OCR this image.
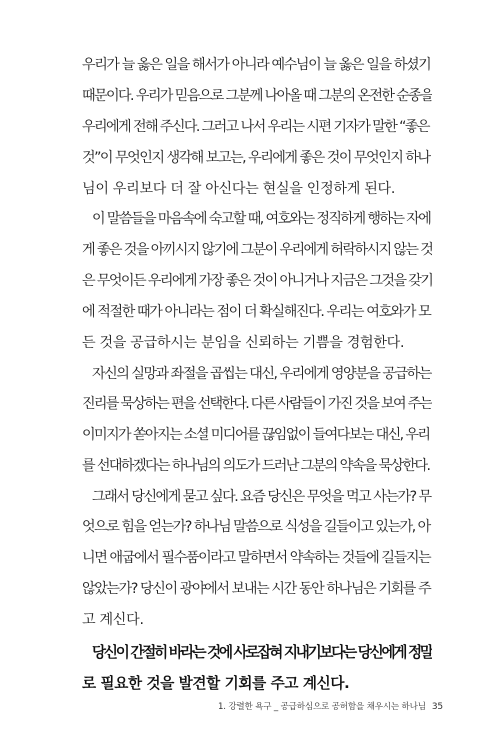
우리가 늘 옳은 일을 해서가 아니라 예수님이 늘 옳은 일을 하셨기
때문이다. 우리가 믿음으로 그분께 나아올 때 그분의 온전한 순종을
우리에게 전해 주신다. 그러고 나서 우리는 시편 기자가 말한 “좋은
것”이 무엇인지 생각해 보고는, 우리에게 좋은 것이 무엇인지 하나
님이 우리보다 더 잘 아신다는 현실을 인정하게 된다.
이 말씀들을 마음속에 숙고할 때, 여호와는 정직하게 행하는 자에
게 좋은 것을 아끼시지 않기에 그분이 우리에게 허락하시지 않는 것
은 무엇이든 우리에게 가장 좋은 것이 아니거나 지금은 그것을 갖기
에 적절한 때가 아니라는 점이 더 확실해진다. 우리는 여호와가 모
든 것을 공급하시는 분임을 신뢰하는 기쁨을 경험한다.
자신의 실망과 좌절을 곱씹는 대신, 우리에게 영양분을 공급하는
진리를 묵상하는 편을 선택한다. 다른 사람들이 가진 것을 보여 주는
이미지가 쏟아지는 소셜 미디어를 끊임없이 들여다보는 대신, 우리
를 선대하겠다는 하나님의 의도가 드러난 그분의 약속을 묵상한다.
그래서 당신에게 묻고 싶다. 요즘 당신은 무엇을 먹고 사는가? 무
엇으로 힘을 얻는가? 하나님 말씀으로 식성을 길들이고 있는가, 아
니면 애굽에서 필수품이라고 말하면서 약속하는 것들에 길들지는
않았는가? 당신이 광야에서 보내는 시간 동안 하나님은 기회를 주
고 계신다.
당신이 간절히 바라는 것에 사로잡혀 지내기보다는 당신에게 정말
로 필요한 것을 발견할 기회를 주고 계신다.
1. 강렬한 욕구 _ 공급하심으로 공허함을 채우시는 하나님 35
